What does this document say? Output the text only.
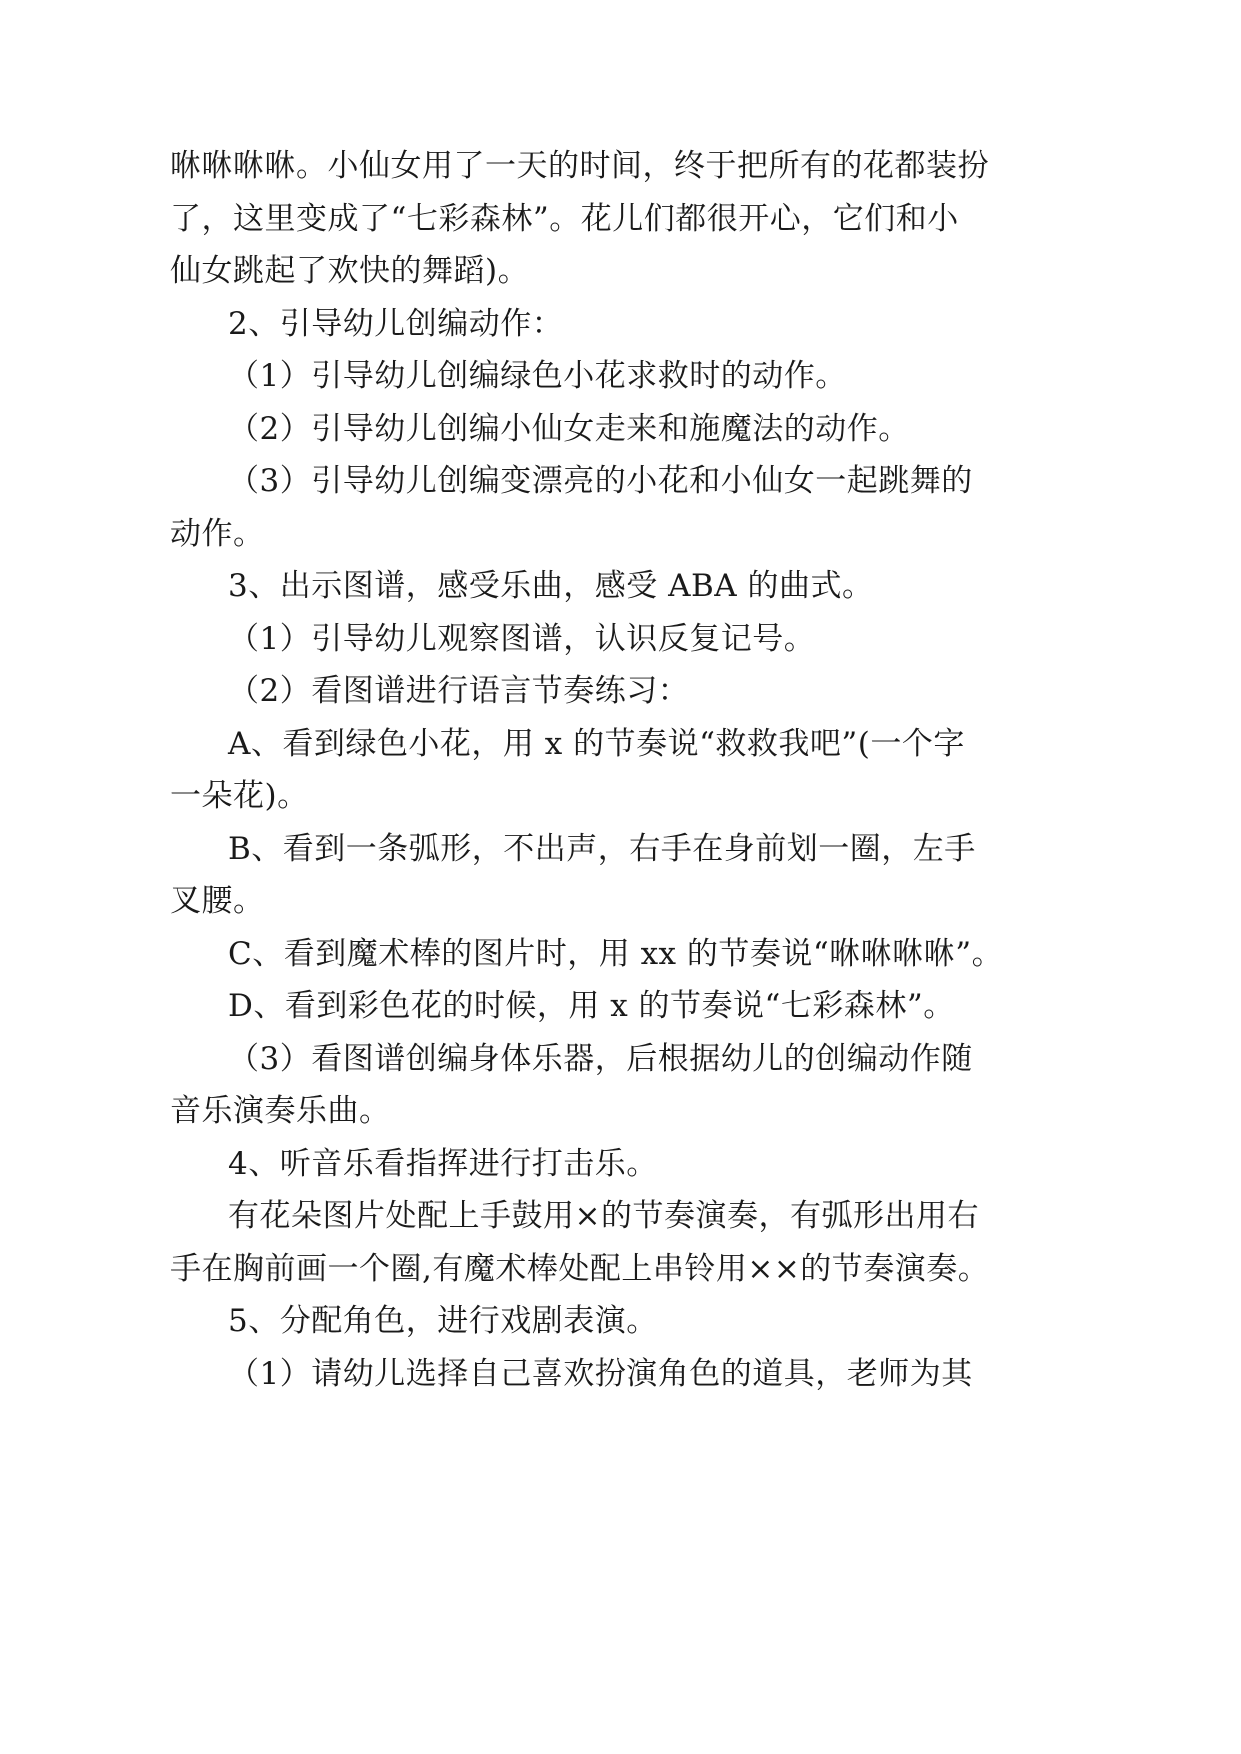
咻咻咻咻。小仙女用了一天的时间，终于把所有的花都装扮
了，这里变成了“七彩森林”。花儿们都很开心，它们和小
仙女跳起了欢快的舞蹈)。
2、引导幼儿创编动作：
（1）引导幼儿创编绿色小花求救时的动作。
（2）引导幼儿创编小仙女走来和施魔法的动作。
（3）引导幼儿创编变漂亮的小花和小仙女一起跳舞的
动作。
3、出示图谱，感受乐曲，感受 ABA 的曲式。
（1）引导幼儿观察图谱，认识反复记号。
（2）看图谱进行语言节奏练习：
A、看到绿色小花，用 x 的节奏说“救救我吧”(一个字
一朵花)。
B、看到一条弧形，不出声，右手在身前划一圈，左手
叉腰。
C、看到魔术棒的图片时，用 xx 的节奏说“咻咻咻咻”。
D、看到彩色花的时候，用 x 的节奏说“七彩森林”。
（3）看图谱创编身体乐器，后根据幼儿的创编动作随
音乐演奏乐曲。
4、听音乐看指挥进行打击乐。
有花朵图片处配上手鼓用×的节奏演奏，有弧形出用右
手在胸前画一个圈,有魔术棒处配上串铃用××的节奏演奏。
5、分配角色，进行戏剧表演。
（1）请幼儿选择自己喜欢扮演角色的道具，老师为其
